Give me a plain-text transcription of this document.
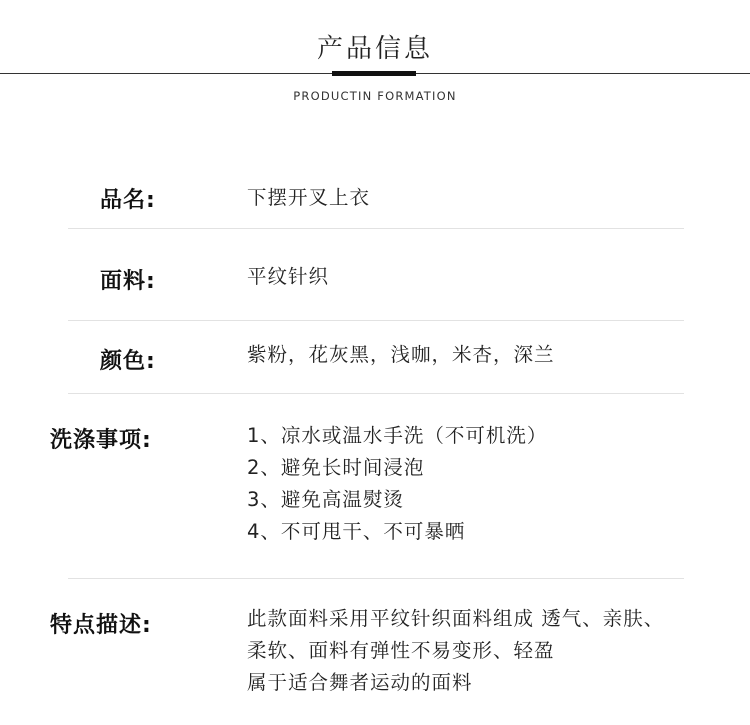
产品信息
PRODUCTIN FORMATION
品名:	下摆开叉上衣
面料:	平纹针织
颜色:	紫粉，花灰黑，浅咖，米杏，深兰
洗涤事项:	1、凉水或温水手洗（不可机洗）
2、避免长时间浸泡
3、避免高温熨烫
4、不可甩干、不可暴晒
特点描述:	此款面料采用平纹针织面料组成 透气、亲肤、
柔软、面料有弹性不易变形、轻盈
属于适合舞者运动的面料
